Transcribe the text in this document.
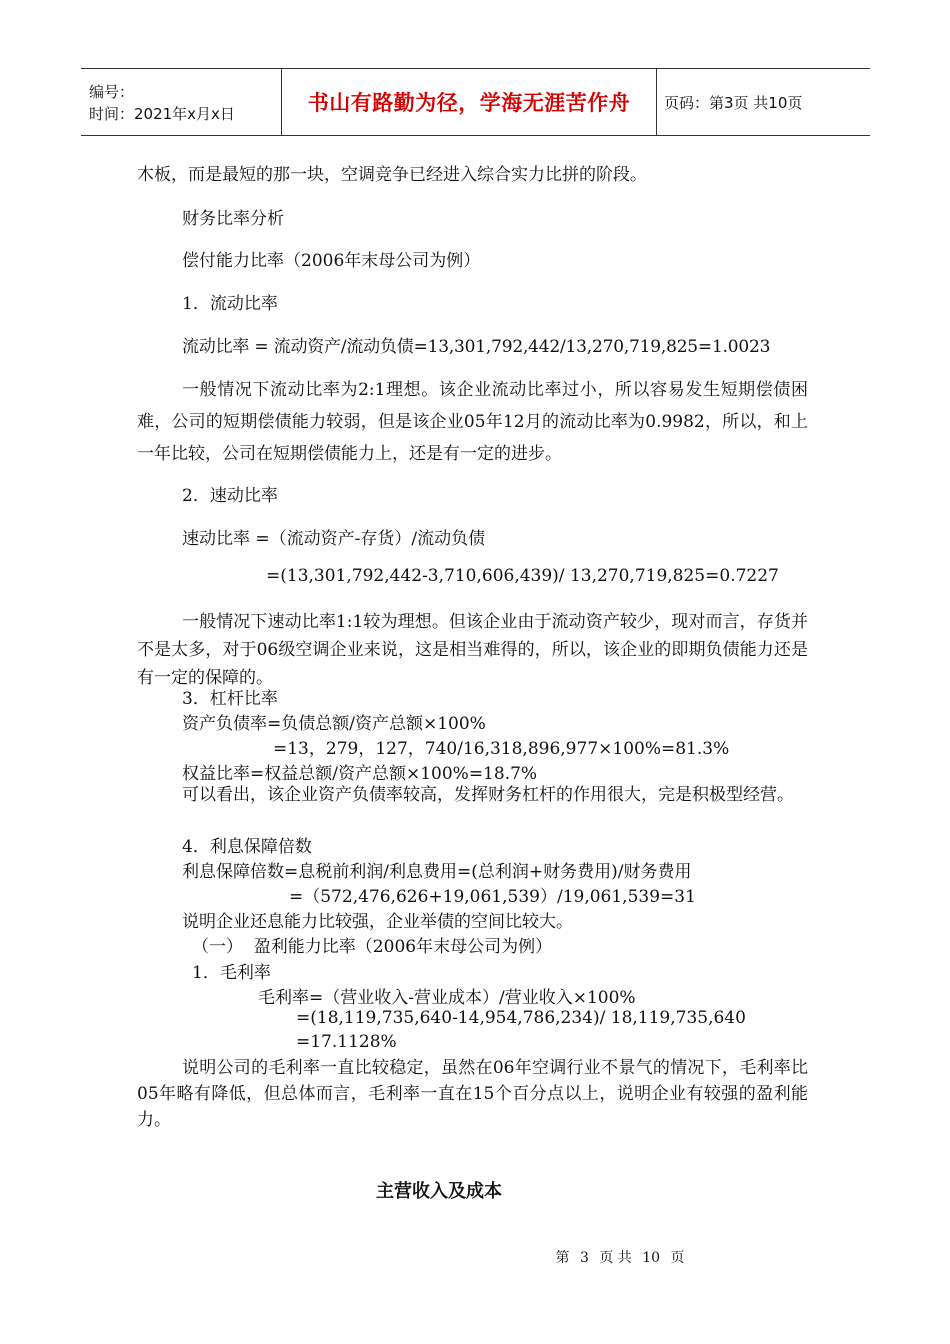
编号：
时间：2021年x月x日	书山有路勤为径，学海无涯苦作舟 页码：第3页 共10页
木板，而是最短的那一块，空调竞争已经进入综合实力比拼的阶段。
财务比率分析
偿付能力比率（2006年末母公司为例）
1．流动比率
流动比率 = 流动资产/流动负债=13,301,792,442/13,270,719,825=1.0023
一般情况下流动比率为2:1理想。该企业流动比率过小，所以容易发生短期偿债困难，公司的短期偿债能力较弱，但是该企业05年12月的流动比率为0.9982，所以，和上一年比较，公司在短期偿债能力上，还是有一定的进步。
2．速动比率
速动比率 =（流动资产-存货）/流动负债
=(13,301,792,442-3,710,606,439)/ 13,270,719,825=0.7227
一般情况下速动比率1:1较为理想。但该企业由于流动资产较少，现对而言，存货并不是太多，对于06级空调企业来说，这是相当难得的，所以，该企业的即期负债能力还是有一定的保障的。
3．杠杆比率
资产负债率=负债总额/资产总额×100%
=13，279，127，740/16,318,896,977×100%=81.3%
权益比率=权益总额/资产总额×100%=18.7%
可以看出，该企业资产负债率较高，发挥财务杠杆的作用很大，完是积极型经营。
4．利息保障倍数
利息保障倍数=息税前利润/利息费用=(总利润+财务费用)/财务费用
=（572,476,626+19,061,539）/19,061,539=31
说明企业还息能力比较强，企业举债的空间比较大。
（一）  盈利能力比率（2006年末母公司为例）
1．毛利率
毛利率=（营业收入-营业成本）/营业收入×100%
=(18,119,735,640-14,954,786,234)/ 18,119,735,640
=17.1128%
说明公司的毛利率一直比较稳定，虽然在06年空调行业不景气的情况下，毛利率比05年略有降低，但总体而言，毛利率一直在15个百分点以上，说明企业有较强的盈利能力。
主营收入及成本
第 3 页 共 10 页
